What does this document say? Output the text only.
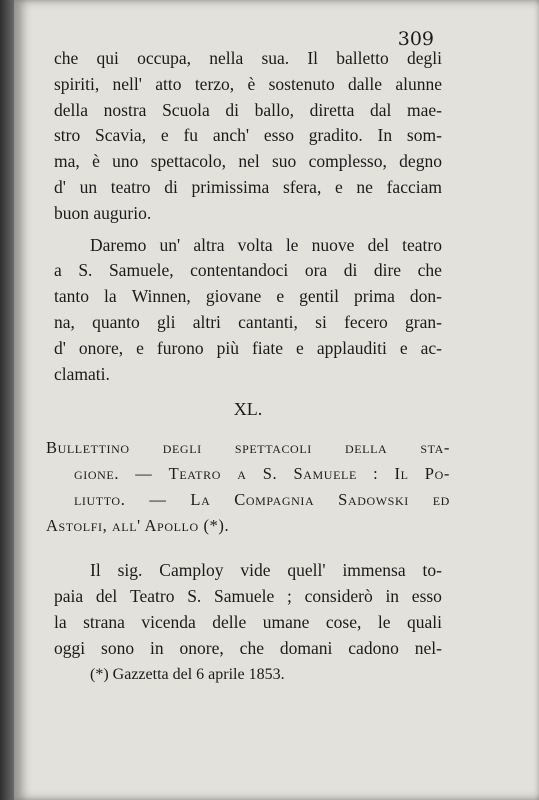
309
che qui occupa, nella sua. Il balletto degli
spiriti, nell' atto terzo, è sostenuto dalle alunne
della nostra Scuola di ballo, diretta dal mae-
stro Scavia, e fu anch' esso gradito. In som-
ma, è uno spettacolo, nel suo complesso, degno
d' un teatro di primissima sfera, e ne facciam
buon augurio.
Daremo un' altra volta le nuove del teatro
a S. Samuele, contentandoci ora di dire che
tanto la Winnen, giovane e gentil prima don-
na, quanto gli altri cantanti, si fecero gran-
d' onore, e furono più fiate e applauditi e ac-
clamati.
XL.
Bullettino degli spettacoli della sta-
gione. — Teatro a S. Samuele : Il Po-
liutto. — La Compagnia Sadowski ed
Astolfi, all' Apollo (*).
Il sig. Camploy vide quell' immensa to-
paia del Teatro S. Samuele ; considerò in esso
la strana vicenda delle umane cose, le quali
oggi sono in onore, che domani cadono nel-
(*) Gazzetta del 6 aprile 1853.
